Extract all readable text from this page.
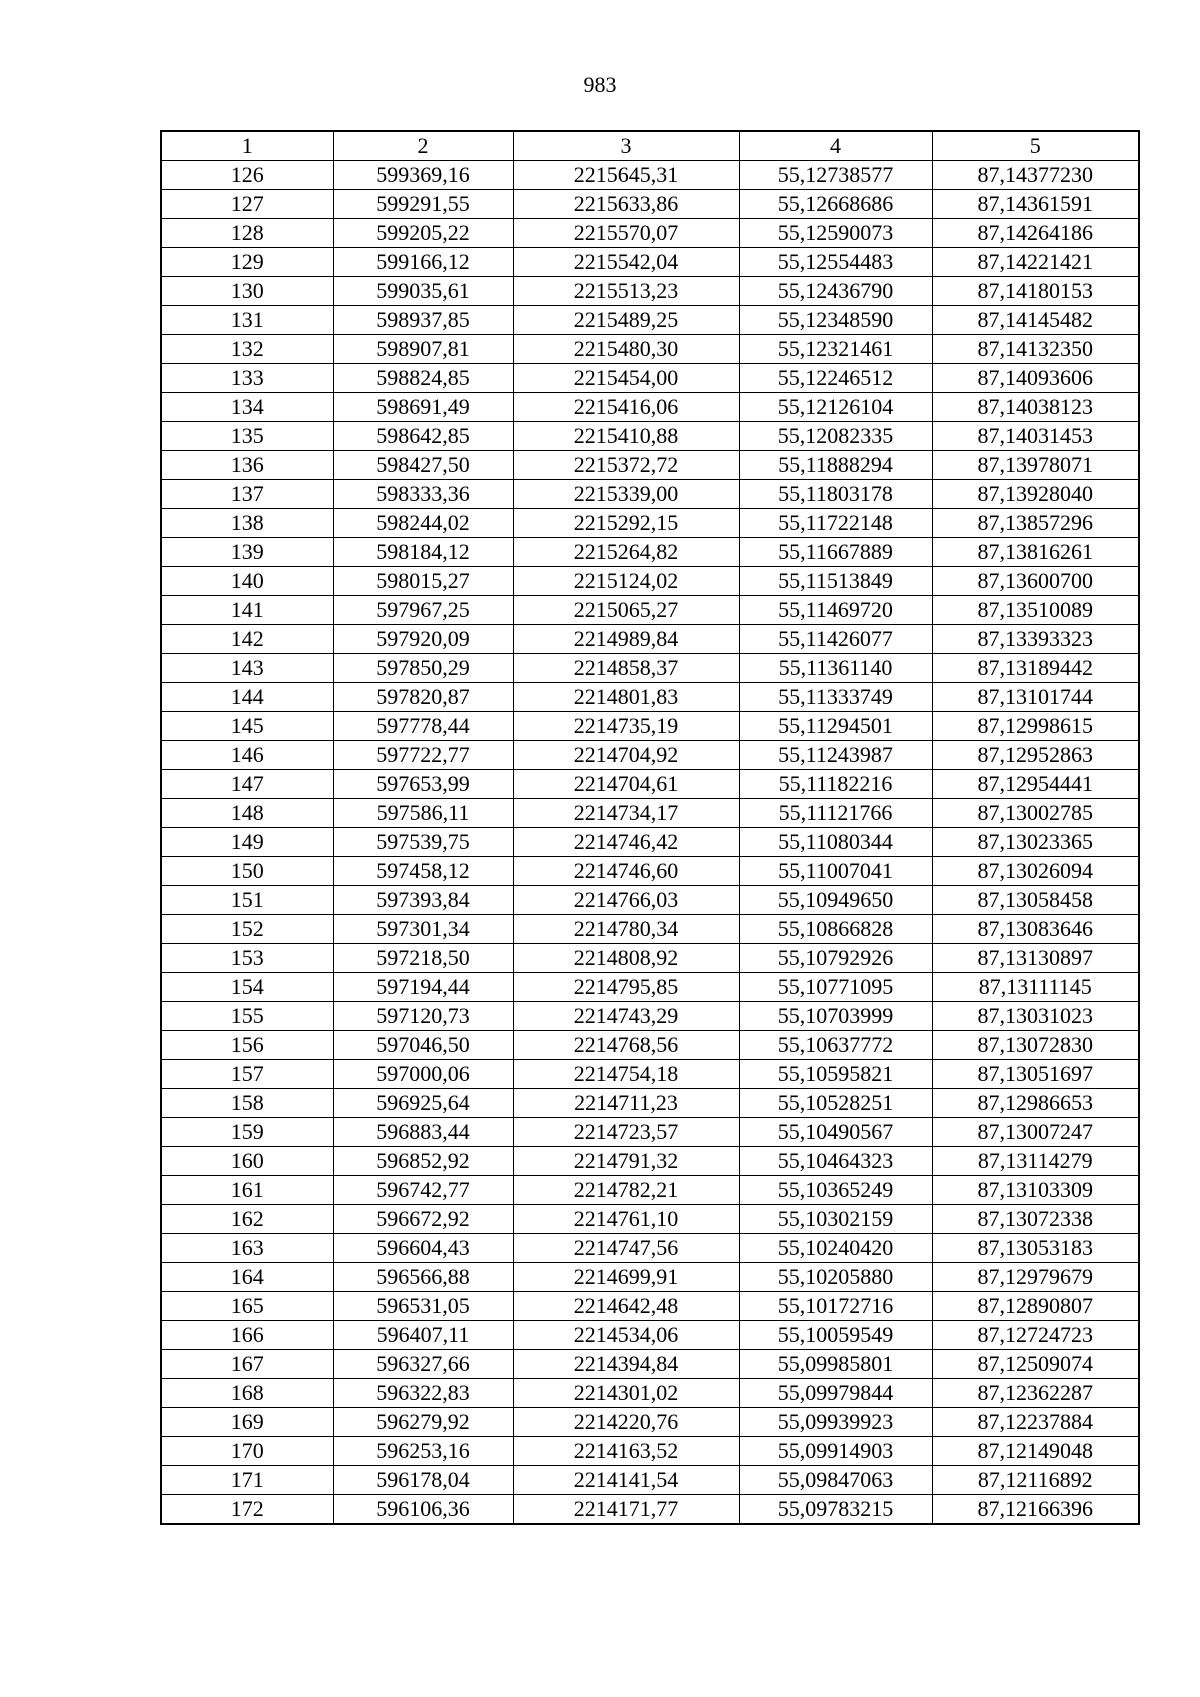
983
1	2	3	4	5
126	599369,16	2215645,31	55,12738577	87,14377230
127	599291,55	2215633,86	55,12668686	87,14361591
128	599205,22	2215570,07	55,12590073	87,14264186
129	599166,12	2215542,04	55,12554483	87,14221421
130	599035,61	2215513,23	55,12436790	87,14180153
131	598937,85	2215489,25	55,12348590	87,14145482
132	598907,81	2215480,30	55,12321461	87,14132350
133	598824,85	2215454,00	55,12246512	87,14093606
134	598691,49	2215416,06	55,12126104	87,14038123
135	598642,85	2215410,88	55,12082335	87,14031453
136	598427,50	2215372,72	55,11888294	87,13978071
137	598333,36	2215339,00	55,11803178	87,13928040
138	598244,02	2215292,15	55,11722148	87,13857296
139	598184,12	2215264,82	55,11667889	87,13816261
140	598015,27	2215124,02	55,11513849	87,13600700
141	597967,25	2215065,27	55,11469720	87,13510089
142	597920,09	2214989,84	55,11426077	87,13393323
143	597850,29	2214858,37	55,11361140	87,13189442
144	597820,87	2214801,83	55,11333749	87,13101744
145	597778,44	2214735,19	55,11294501	87,12998615
146	597722,77	2214704,92	55,11243987	87,12952863
147	597653,99	2214704,61	55,11182216	87,12954441
148	597586,11	2214734,17	55,11121766	87,13002785
149	597539,75	2214746,42	55,11080344	87,13023365
150	597458,12	2214746,60	55,11007041	87,13026094
151	597393,84	2214766,03	55,10949650	87,13058458
152	597301,34	2214780,34	55,10866828	87,13083646
153	597218,50	2214808,92	55,10792926	87,13130897
154	597194,44	2214795,85	55,10771095	87,13111145
155	597120,73	2214743,29	55,10703999	87,13031023
156	597046,50	2214768,56	55,10637772	87,13072830
157	597000,06	2214754,18	55,10595821	87,13051697
158	596925,64	2214711,23	55,10528251	87,12986653
159	596883,44	2214723,57	55,10490567	87,13007247
160	596852,92	2214791,32	55,10464323	87,13114279
161	596742,77	2214782,21	55,10365249	87,13103309
162	596672,92	2214761,10	55,10302159	87,13072338
163	596604,43	2214747,56	55,10240420	87,13053183
164	596566,88	2214699,91	55,10205880	87,12979679
165	596531,05	2214642,48	55,10172716	87,12890807
166	596407,11	2214534,06	55,10059549	87,12724723
167	596327,66	2214394,84	55,09985801	87,12509074
168	596322,83	2214301,02	55,09979844	87,12362287
169	596279,92	2214220,76	55,09939923	87,12237884
170	596253,16	2214163,52	55,09914903	87,12149048
171	596178,04	2214141,54	55,09847063	87,12116892
172	596106,36	2214171,77	55,09783215	87,12166396
